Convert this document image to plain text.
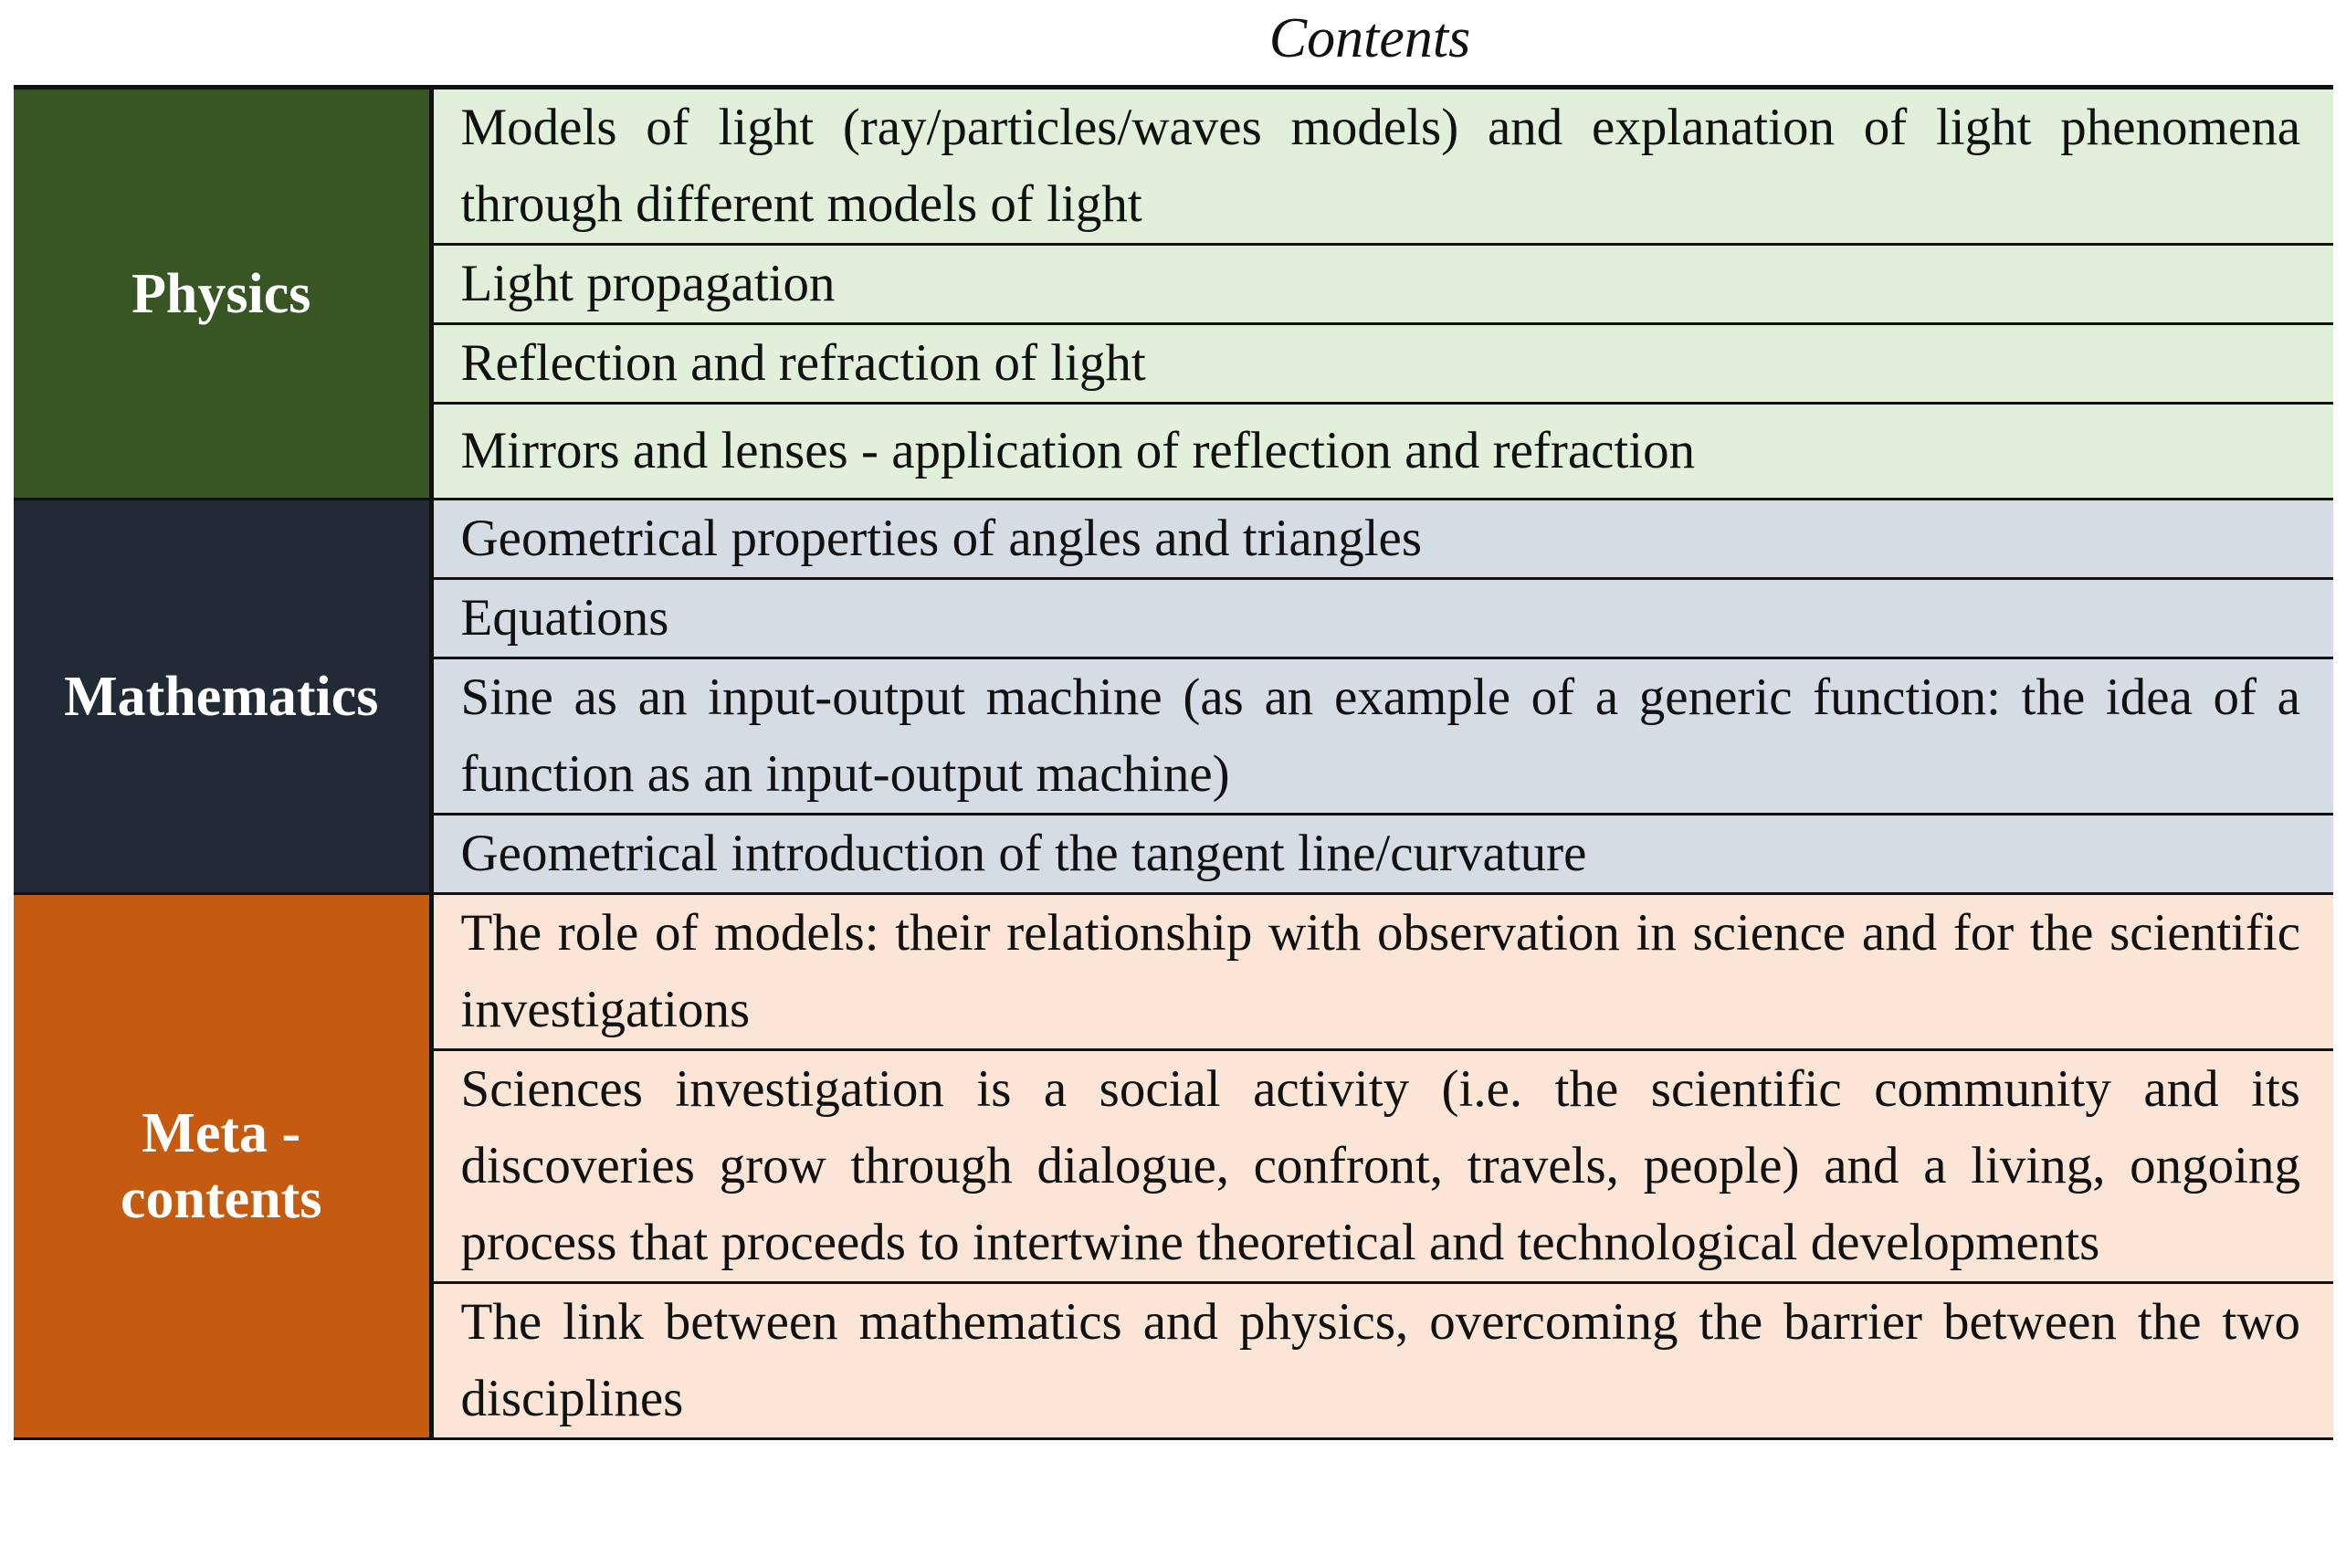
Contents
Physics	Models of light (ray/particles/waves models) and explanation of light phenomena through different models of light
	Light propagation
	Reflection and refraction of light
	Mirrors and lenses - application of reflection and refraction
Mathematics	Geometrical properties of angles and triangles
	Equations
	Sine as an input-output machine (as an example of a generic function: the idea of a function as an input-output machine)
	Geometrical introduction of the tangent line/curvature
Meta - contents	The role of models: their relationship with observation in science and for the scientific investigations
	Sciences investigation is a social activity (i.e. the scientific community and its discoveries grow through dialogue, confront, travels, people) and a living, ongoing process that proceeds to intertwine theoretical and technological developments
	The link between mathematics and physics, overcoming the barrier between the two disciplines
